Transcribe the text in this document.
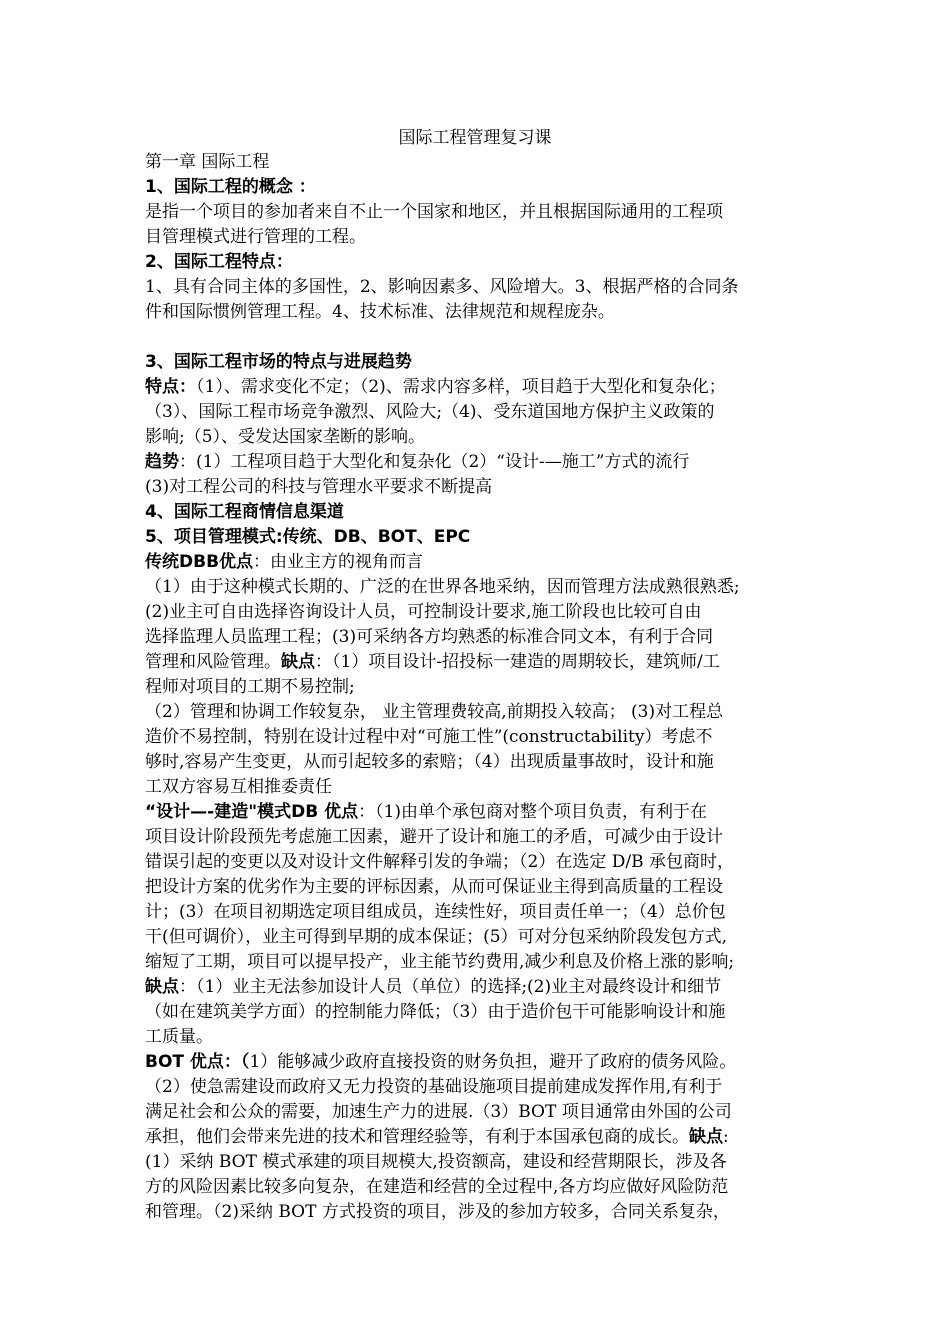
国际工程管理复习课
第一章 国际工程
1、国际工程的概念 ：
是指一个项目的参加者来自不止一个国家和地区，并且根据国际通用的工程项
目管理模式进行管理的工程。
2、国际工程特点：
1、具有合同主体的多国性，2、影响因素多、风险增大。3、根据严格的合同条
件和国际惯例管理工程。4、技术标准、法律规范和规程庞杂。
3、国际工程市场的特点与进展趋势
特点：（1）、需求变化不定；（2)、需求内容多样，项目趋于大型化和复杂化；
（3）、国际工程市场竞争激烈、风险大;（4)、受东道国地方保护主义政策的
影响;（5）、受发达国家垄断的影响。
趋势：(1）工程项目趋于大型化和复杂化（2）“设计-—施工”方式的流行
(3)对工程公司的科技与管理水平要求不断提高
4、国际工程商情信息渠道
5、项目管理模式:传统、DB、BOT、EPC
传统DBB优点：由业主方的视角而言
（1）由于这种模式长期的、广泛的在世界各地采纳，因而管理方法成熟很熟悉;
(2)业主可自由选择咨询设计人员，可控制设计要求,施工阶段也比较可自由
选择监理人员监理工程；(3)可采纳各方均熟悉的标准合同文本，有利于合同
管理和风险管理。缺点：（1）项目设计-招投标一建造的周期较长，建筑师/工
程师对项目的工期不易控制;
（2）管理和协调工作较复杂， 业主管理费较高,前期投入较高； (3)对工程总
造价不易控制，特别在设计过程中对“可施工性”(constructability）考虑不
够时,容易产生变更，从而引起较多的索赔；（4）出现质量事故时，设计和施
工双方容易互相推委责任
“设计—-建造"模式DB 优点：（1)由单个承包商对整个项目负责，有利于在
项目设计阶段预先考虑施工因素，避开了设计和施工的矛盾，可减少由于设计
错误引起的变更以及对设计文件解释引发的争端；（2）在选定 D/B 承包商时，
把设计方案的优劣作为主要的评标因素，从而可保证业主得到高质量的工程设
计；(3）在项目初期选定项目组成员，连续性好，项目责任单一；（4）总价包
干(但可调价），业主可得到早期的成本保证；(5）可对分包采纳阶段发包方式,
缩短了工期，项目可以提早投产，业主能节约费用,减少利息及价格上涨的影响;
缺点：（1）业主无法参加设计人员（单位）的选择;(2)业主对最终设计和细节
（如在建筑美学方面）的控制能力降低；（3）由于造价包干可能影响设计和施
工质量。
BOT 优点：（1）能够减少政府直接投资的财务负担，避开了政府的债务风险。
（2）使急需建设而政府又无力投资的基础设施项目提前建成发挥作用,有利于
满足社会和公众的需要，加速生产力的进展.（3）BOT 项目通常由外国的公司
承担，他们会带来先进的技术和管理经验等，有利于本国承包商的成长。缺点:
(1）采纳 BOT 模式承建的项目规模大,投资额高，建设和经营期限长，涉及各
方的风险因素比较多向复杂，在建造和经营的全过程中,各方均应做好风险防范
和管理。（2)采纳 BOT 方式投资的项目，涉及的参加方较多，合同关系复杂，
